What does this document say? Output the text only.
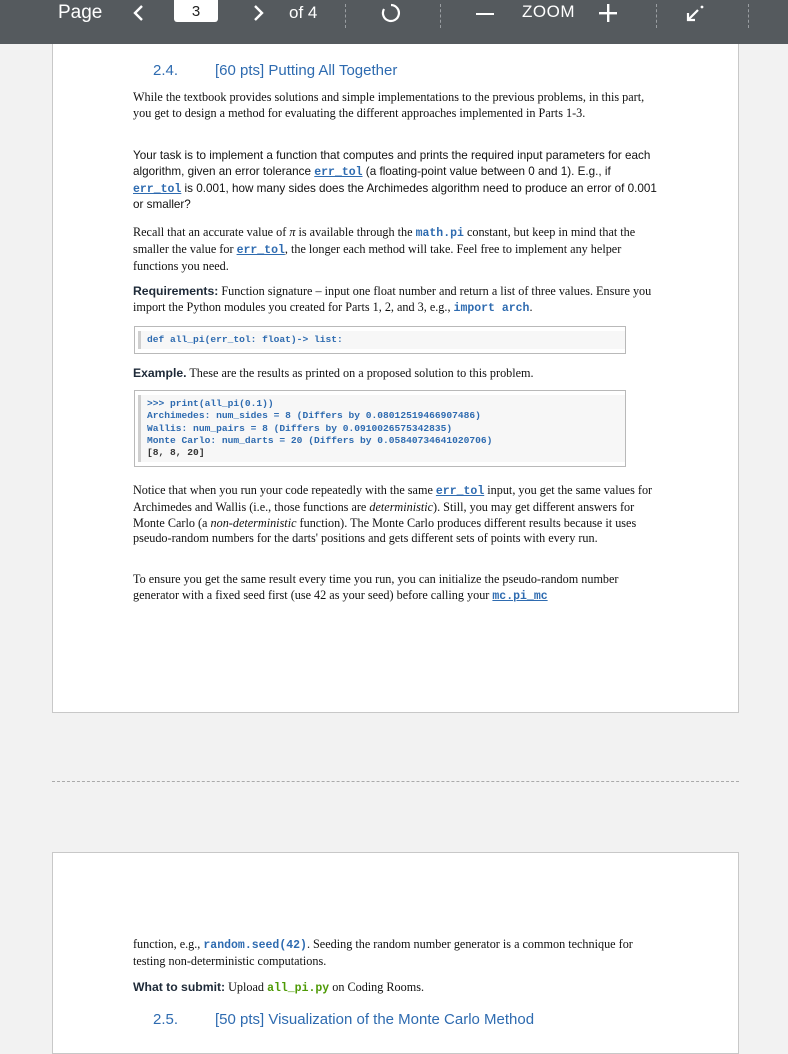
Page	3	of 4	ZOOM
2.4. [60 pts] Putting All Together
While the textbook provides solutions and simple implementations to the previous problems, in this part, you get to design a method for evaluating the different approaches implemented in Parts 1-3.
Your task is to implement a function that computes and prints the required input parameters for each algorithm, given an error tolerance err_tol (a floating-point value between 0 and 1). E.g., if err_tol is 0.001, how many sides does the Archimedes algorithm need to produce an error of 0.001 or smaller?
Recall that an accurate value of π is available through the math.pi constant, but keep in mind that the smaller the value for err_tol, the longer each method will take. Feel free to implement any helper functions you need.
Requirements: Function signature – input one float number and return a list of three values. Ensure you import the Python modules you created for Parts 1, 2, and 3, e.g., import arch.
def all_pi(err_tol: float)-> list:
Example. These are the results as printed on a proposed solution to this problem.
>>> print(all_pi(0.1))
Archimedes: num_sides = 8 (Differs by 0.08012519466907486)
Wallis: num_pairs = 8 (Differs by 0.0910026575342835)
Monte Carlo: num_darts = 20 (Differs by 0.05840734641020706)
[8, 8, 20]
Notice that when you run your code repeatedly with the same err_tol input, you get the same values for Archimedes and Wallis (i.e., those functions are deterministic). Still, you may get different answers for Monte Carlo (a non-deterministic function). The Monte Carlo produces different results because it uses pseudo-random numbers for the darts' positions and gets different sets of points with every run.
To ensure you get the same result every time you run, you can initialize the pseudo-random number generator with a fixed seed first (use 42 as your seed) before calling your mc.pi_mc
function, e.g., random.seed(42). Seeding the random number generator is a common technique for testing non-deterministic computations.
What to submit: Upload all_pi.py on Coding Rooms.
2.5. [50 pts] Visualization of the Monte Carlo Method
